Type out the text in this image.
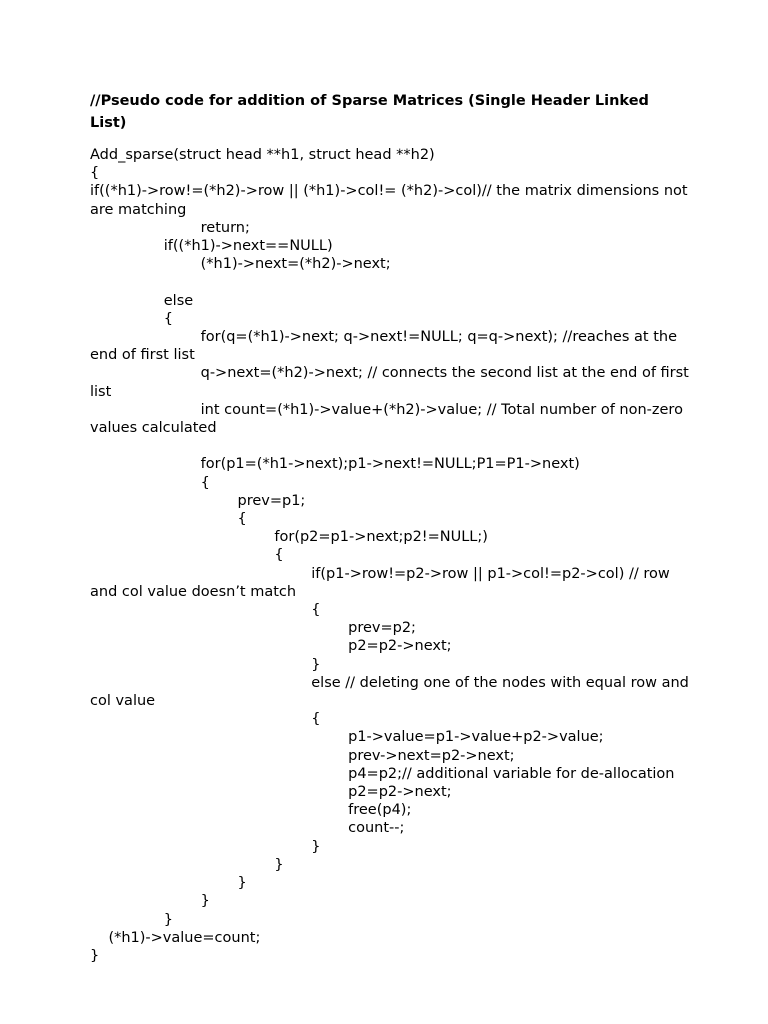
//Pseudo code for addition of Sparse Matrices (Single Header Linked List)
Add_sparse(struct head **h1, struct head **h2)
{
if((*h1)->row!=(*h2)->row || (*h1)->col!= (*h2)->col)// the matrix dimensions not are matching
return;
if((*h1)->next==NULL)
(*h1)->next=(*h2)->next;
else
{
for(q=(*h1)->next; q->next!=NULL; q=q->next); //reaches at the end of first list
q->next=(*h2)->next; // connects the second list at the end of first list
int count=(*h1)->value+(*h2)->value; // Total number of non-zero values calculated
for(p1=(*h1->next);p1->next!=NULL;P1=P1->next)
{
prev=p1;
{
for(p2=p1->next;p2!=NULL;)
{
if(p1->row!=p2->row || p1->col!=p2->col) // row and col value doesn’t match
{
prev=p2;
p2=p2->next;
}
else // deleting one of the nodes with equal row and col value
{
p1->value=p1->value+p2->value;
prev->next=p2->next;
p4=p2;// additional variable for de-allocation
p2=p2->next;
free(p4);
count--;
}
}
}
}
}
(*h1)->value=count;
}
